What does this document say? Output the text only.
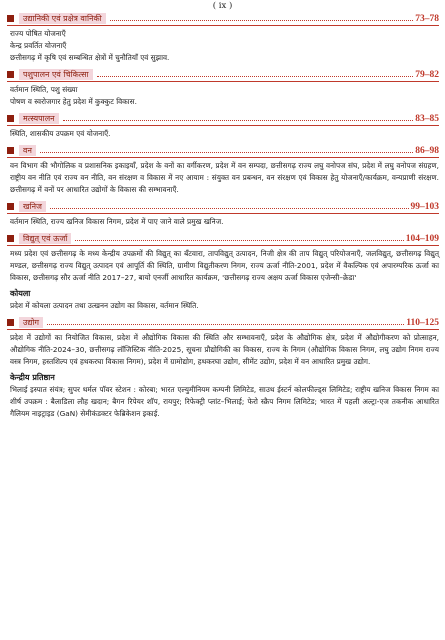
( ix )
उद्यानिकी एवं प्रक्षेत्र वानिकी	73–78
राज्य पोषित योजनाएँ
केन्द्र प्रवर्तित योजनाएँ
छत्तीसगढ़ में कृषि एवं सम्बन्धित क्षेत्रों में चुनौतियाँ एवं सुझाव.
पशुपालन एवं चिकित्सा	79–82
वर्तमान स्थिति, पशु संख्या
पोषण व स्वरोजगार हेतु प्रदेश में कुक्कुट विकास.
मत्स्यपालन	83–85
स्थिति, शासकीय उपक्रम एवं योजनाएँ.
वन	86–98
वन विभाग की भौगोलिक व प्रशासनिक इकाइयाँ, प्रदेश के वनों का वर्गीकरण, प्रदेश में वन सम्पदा, छत्तीसगढ़ राज्य लघु वनोपज संघ, प्रदेश में लघु वनोपज संग्रहण, राष्ट्रीय वन नीति एवं राज्य वन नीति, वन संरक्षण व विकास में नए आयाम : संयुक्त वन प्रबन्धन, वन संरक्षण एवं विकास हेतु योजनाएँ/कार्यक्रम, वन्यप्राणी संरक्षण. छत्तीसगढ़ में वनों पर आधारित उद्योगों के विकास की सम्भावनाएँ.
खनिज	99–103
वर्तमान स्थिति, राज्य खनिज विकास निगम, प्रदेश में पाए जाने वाले प्रमुख खनिज.
विद्युत् एवं ऊर्जा	104–109
मध्य प्रदेश एवं छत्तीसगढ़ के मध्य केन्द्रीय उपक्रमों की विद्युत् का बँटवारा, तापविद्युत् उत्पादन, निजी क्षेत्र की ताप विद्युत् परियोजनाएँ, जलविद्युत्, छत्तीसगढ़ विद्युत् मण्डल, छत्तीसगढ़ राज्य विद्युत् उत्पादन एवं आपूर्ति की स्थिति, ग्रामीण विद्युतीकरण निगम, राज्य ऊर्जा नीति-2001, प्रदेश में वैकल्पिक एवं अपारम्परिक ऊर्जा का विकास, छत्तीसगढ़ सौर ऊर्जा नीति 2017–27, बायो एनर्जी आधारित कार्यक्रम, 'छत्तीसगढ़ राज्य अक्षय ऊर्जा विकास एजेन्सी–क्रेडा'
कोयला
प्रदेश में कोयला उत्पादन तथा उत्खनन उद्योग का विकास, वर्तमान स्थिति.
उद्योग	110–125
प्रदेश में उद्योगों का नियोजित विकास, प्रदेश में औद्योगिक विकास की स्थिति और सम्भावनाएँ, प्रदेश के औद्योगिक क्षेत्र, प्रदेश में औद्योगीकरण को प्रोत्साहन, औद्योगिक नीति-2024–30, छत्तीसगढ़ लॉजिस्टिक नीति-2025, सूचना प्रौद्योगिकी का विकास, राज्य के निगम (औद्योगिक विकास निगम, लघु उद्योग निगम राज्य वस्त्र निगम, हस्तशिल्प एवं हथकरघा विकास निगम), प्रदेश में ग्रामोद्योग, हथकरघा उद्योग, सीमेंट उद्योग, प्रदेश में वन आधारित प्रमुख उद्योग.
केन्द्रीय प्रतिष्ठान
भिलाई इस्पात संयंत्र; सुपर थर्मल पॉवर स्टेशन : कोरबा; भारत एल्युमीनियम कम्पनी लिमिटेड, साउथ ईस्टर्न कोलफील्ड्स लिमिटेड; राष्ट्रीय खनिज विकास निगम का शीर्ष उपक्रम : बैलाडिला लौह खदान; बैगन रिपेयर शॉप, रायपुर; रिफेक्ट्री प्लांट–भिलाई; फेरो स्क्रैप निगम लिमिटेड; भारत में पहली अल्ट्रा-एज तकनीक आधारित गैलियम नाइट्राइड (GaN) सेमीकंडक्टर फेब्रिकेशन इकाई.
